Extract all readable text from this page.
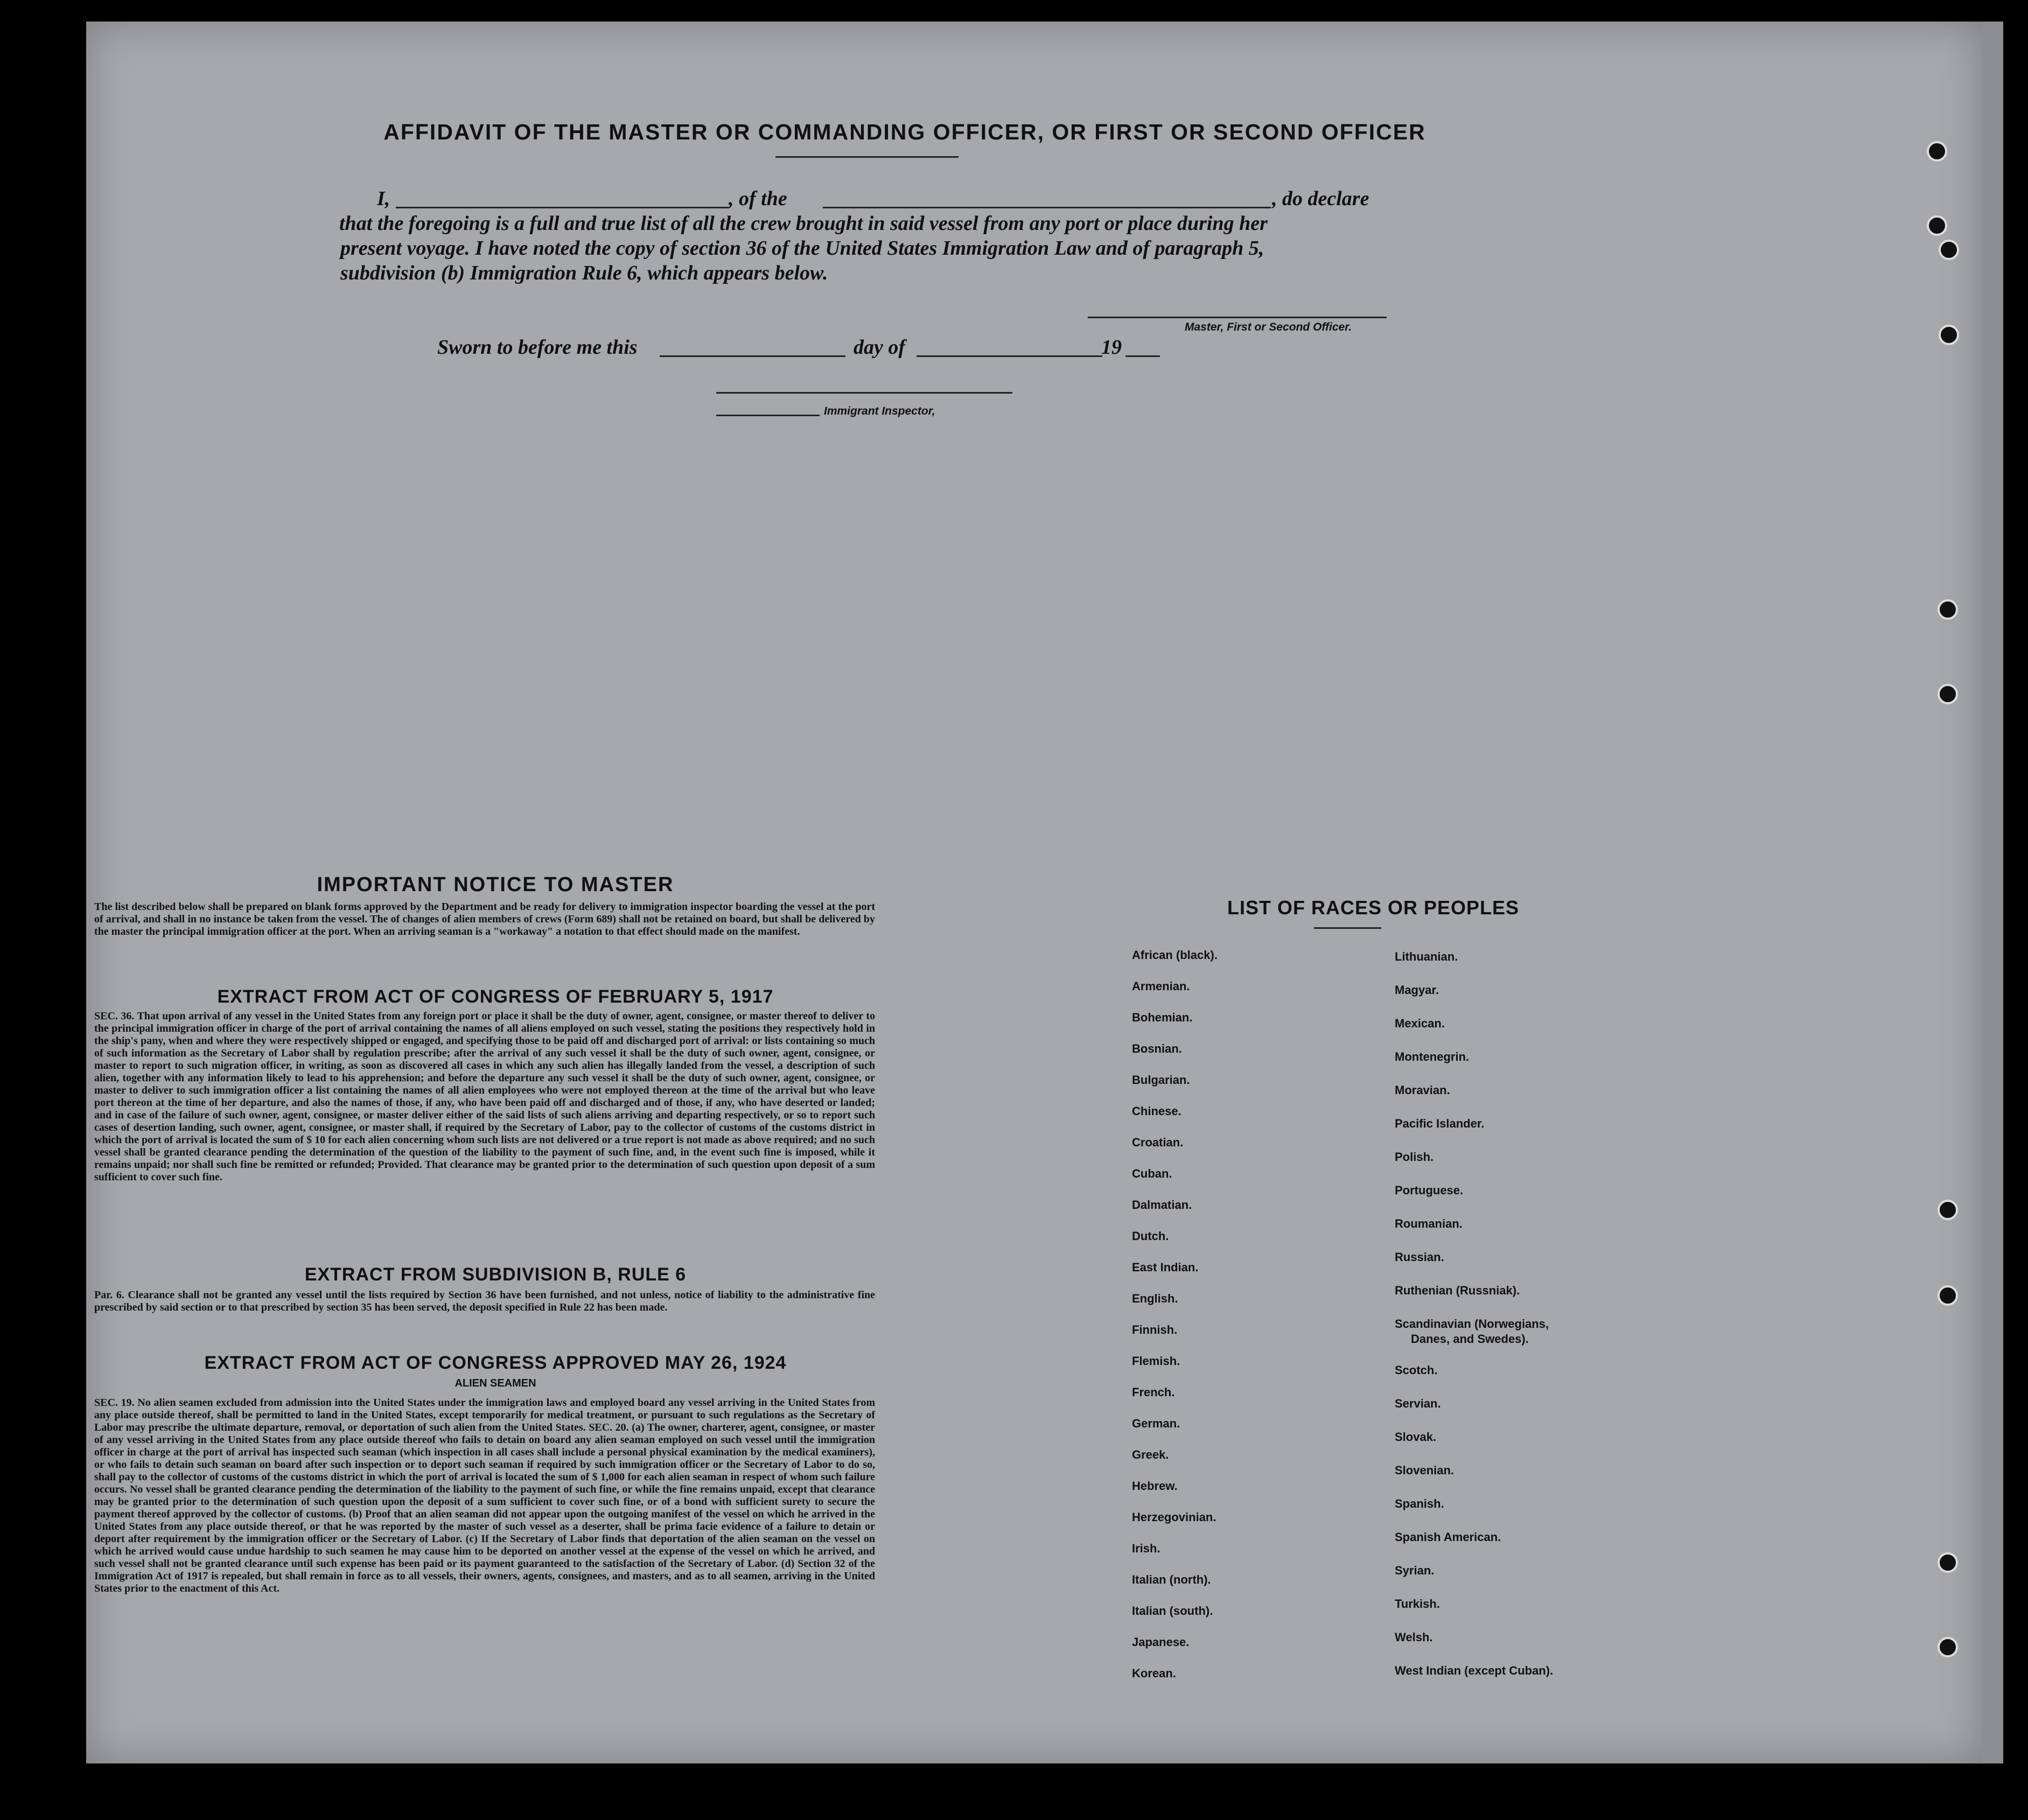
AFFIDAVIT OF THE MASTER OR COMMANDING OFFICER, OR FIRST OR SECOND OFFICER
I,	, of the	, do declare
that the foregoing is a full and true list of all the crew brought in said vessel from any port or place during her
present voyage. I have noted the copy of section 36 of the United States Immigration Law and of paragraph 5,
subdivision (b) Immigration Rule 6, which appears below.
Master, First or Second Officer.
Sworn to before me this	day of	19
Immigrant Inspector,
IMPORTANT NOTICE TO MASTER
The list described below shall be prepared on blank forms approved by the Department and be ready for delivery to immigration inspector boarding the vessel at the port of arrival, and shall in no instance be taken from the vessel. The of changes of alien members of crews (Form 689) shall not be retained on board, but shall be delivered by the master the principal immigration officer at the port. When an arriving seaman is a "workaway" a notation to that effect should made on the manifest.
EXTRACT FROM ACT OF CONGRESS OF FEBRUARY 5, 1917
SEC. 36. That upon arrival of any vessel in the United States from any foreign port or place it shall be the duty of owner, agent, consignee, or master thereof to deliver to the principal immigration officer in charge of the port of arrival containing the names of all aliens employed on such vessel, stating the positions they respectively hold in the ship's pany, when and where they were respectively shipped or engaged, and specifying those to be paid off and discharged port of arrival: or lists containing so much of such information as the Secretary of Labor shall by regulation prescribe; after the arrival of any such vessel it shall be the duty of such owner, agent, consignee, or master to report to such migration officer, in writing, as soon as discovered all cases in which any such alien has illegally landed from the vessel, a description of such alien, together with any information likely to lead to his apprehension; and before the departure any such vessel it shall be the duty of such owner, agent, consignee, or master to deliver to such immigration officer a list containing the names of all alien employees who were not employed thereon at the time of the arrival but who leave port thereon at the time of her departure, and also the names of those, if any, who have been paid off and discharged and of those, if any, who have deserted or landed; and in case of the failure of such owner, agent, consignee, or master deliver either of the said lists of such aliens arriving and departing respectively, or so to report such cases of desertion landing, such owner, agent, consignee, or master shall, if required by the Secretary of Labor, pay to the collector of customs of the customs district in which the port of arrival is located the sum of $ 10 for each alien concerning whom such lists are not delivered or a true report is not made as above required; and no such vessel shall be granted clearance pending the determination of the question of the liability to the payment of such fine, and, in the event such fine is imposed, while it remains unpaid; nor shall such fine be remitted or refunded; Provided. That clearance may be granted prior to the determination of such question upon deposit of a sum sufficient to cover such fine.
EXTRACT FROM SUBDIVISION B, RULE 6
Par. 6. Clearance shall not be granted any vessel until the lists required by Section 36 have been furnished, and not unless, notice of liability to the administrative fine prescribed by said section or to that prescribed by section 35 has been served, the deposit specified in Rule 22 has been made.
EXTRACT FROM ACT OF CONGRESS APPROVED MAY 26, 1924
ALIEN SEAMEN
SEC. 19. No alien seamen excluded from admission into the United States under the immigration laws and employed board any vessel arriving in the United States from any place outside thereof, shall be permitted to land in the United States, except temporarily for medical treatment, or pursuant to such regulations as the Secretary of Labor may prescribe the ultimate departure, removal, or deportation of such alien from the United States. SEC. 20. (a) The owner, charterer, agent, consignee, or master of any vessel arriving in the United States from any place outside thereof who fails to detain on board any alien seaman employed on such vessel until the immigration officer in charge at the port of arrival has inspected such seaman (which inspection in all cases shall include a personal physical examination by the medical examiners), or who fails to detain such seaman on board after such inspection or to deport such seaman if required by such immigration officer or the Secretary of Labor to do so, shall pay to the collector of customs of the customs district in which the port of arrival is located the sum of $ 1,000 for each alien seaman in respect of whom such failure occurs. No vessel shall be granted clearance pending the determination of the liability to the payment of such fine, or while the fine remains unpaid, except that clearance may be granted prior to the determination of such question upon the deposit of a sum sufficient to cover such fine, or of a bond with sufficient surety to secure the payment thereof approved by the collector of customs. (b) Proof that an alien seaman did not appear upon the outgoing manifest of the vessel on which he arrived in the United States from any place outside thereof, or that he was reported by the master of such vessel as a deserter, shall be prima facie evidence of a failure to detain or deport after requirement by the immigration officer or the Secretary of Labor. (c) If the Secretary of Labor finds that deportation of the alien seaman on the vessel on which he arrived would cause undue hardship to such seamen he may cause him to be deported on another vessel at the expense of the vessel on which he arrived, and such vessel shall not be granted clearance until such expense has been paid or its payment guaranteed to the satisfaction of the Secretary of Labor. (d) Section 32 of the Immigration Act of 1917 is repealed, but shall remain in force as to all vessels, their owners, agents, consignees, and masters, and as to all seamen, arriving in the United States prior to the enactment of this Act.
LIST OF RACES OR PEOPLES
African (black).
Armenian.
Bohemian.
Bosnian.
Bulgarian.
Chinese.
Croatian.
Cuban.
Dalmatian.
Dutch.
East Indian.
English.
Finnish.
Flemish.
French.
German.
Greek.
Hebrew.
Herzegovinian.
Irish.
Italian (north).
Italian (south).
Japanese.
Korean.
Lithuanian.
Magyar.
Mexican.
Montenegrin.
Moravian.
Pacific Islander.
Polish.
Portuguese.
Roumanian.
Russian.
Ruthenian (Russniak).
Scandinavian (Norwegians,
Danes, and Swedes).
Scotch.
Servian.
Slovak.
Slovenian.
Spanish.
Spanish American.
Syrian.
Turkish.
Welsh.
West Indian (except Cuban).
